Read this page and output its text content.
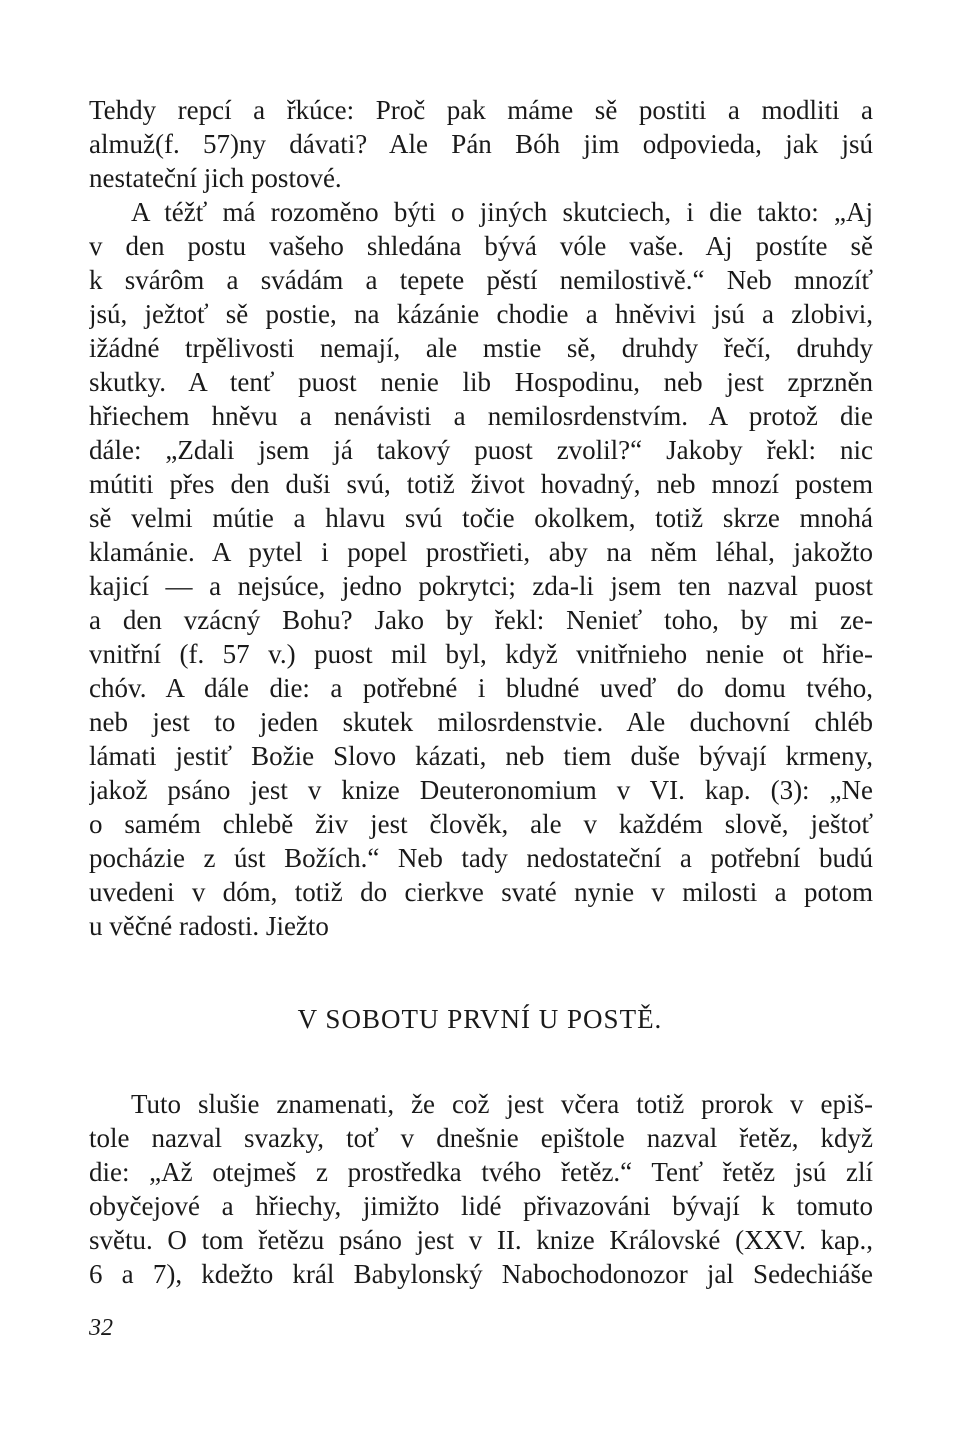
Tehdy repcí a řkúce: Proč pak máme sě postiti a modliti a
almuž(f. 57)ny dávati? Ale Pán Bóh jim odpovieda, jak jsú
nestateční jich postové.
A téžť má rozoměno býti o jiných skutciech, i die takto: „Aj
v den postu vašeho shledána bývá vóle vaše. Aj postíte sě
k svárôm a svádám a tepete pěstí nemilostivě.“ Neb mnozíť
jsú, ježtoť sě postie, na kázánie chodie a hněvivi jsú a zlobivi,
ižádné trpělivosti nemají, ale mstie sě, druhdy řečí, druhdy
skutky. A tenť puost nenie lib Hospodinu, neb jest zprzněn
hřiechem hněvu a nenávisti a nemilosrdenstvím. A protož die
dále: „Zdali jsem já takový puost zvolil?“ Jakoby řekl: nic
mútiti přes den duši svú, totiž život hovadný, neb mnozí postem
sě velmi mútie a hlavu svú točie okolkem, totiž skrze mnohá
klamánie. A pytel i popel prostřieti, aby na něm léhal, jakožto
kajicí — a nejsúce, jedno pokrytci; zda-li jsem ten nazval puost
a den vzácný Bohu? Jako by řekl: Nenieť toho, by mi ze-
vnitřní (f. 57 v.) puost mil byl, když vnitřnieho nenie ot hřie-
chóv. A dále die: a potřebné i bludné uveď do domu tvého,
neb jest to jeden skutek milosrdenstvie. Ale duchovní chléb
lámati jestiť Božie Slovo kázati, neb tiem duše bývají krmeny,
jakož psáno jest v knize Deuteronomium v VI. kap. (3): „Ne
o samém chlebě živ jest člověk, ale v každém slově, ještoť
pocházie z úst Božích.“ Neb tady nedostateční a potřební budú
uvedeni v dóm, totiž do cierkve svaté nynie v milosti a potom
u věčné radosti. Jiežto
V SOBOTU PRVNÍ U POSTĚ.
Tuto slušie znamenati, že což jest včera totiž prorok v epiš-
tole nazval svazky, toť v dnešnie epištole nazval řetěz, když
die: „Až otejmeš z prostředka tvého řetěz.“ Tenť řetěz jsú zlí
obyčejové a hřiechy, jimižto lidé přivazováni bývají k tomuto
světu. O tom řetězu psáno jest v II. knize Královské (XXV. kap.,
6 a 7), kdežto král Babylonský Nabochodonozor jal Sedechiáše
32
